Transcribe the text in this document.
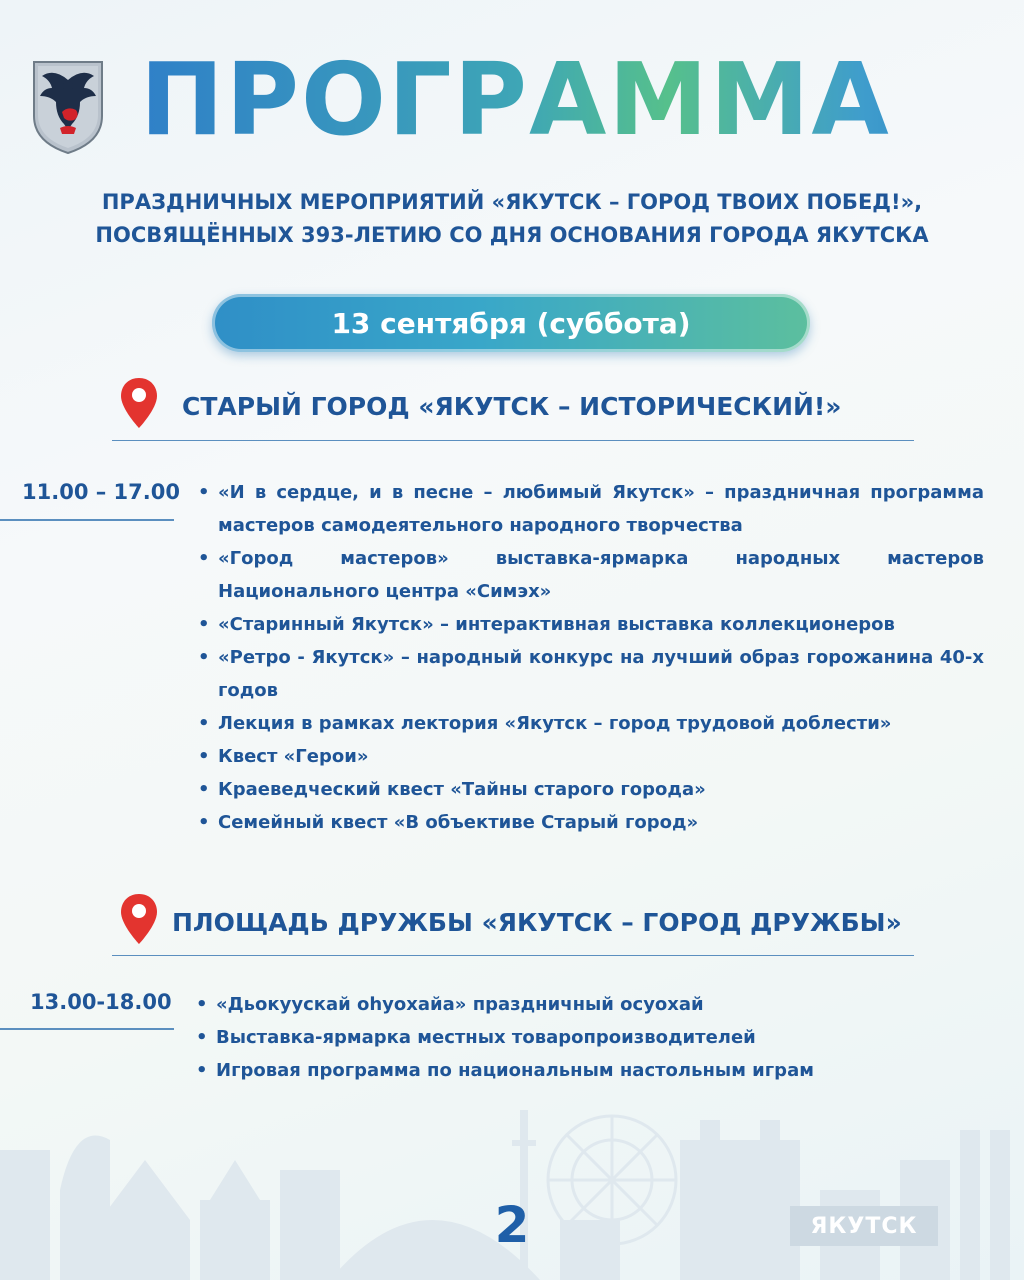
ПРОГРАММА
ПРАЗДНИЧНЫХ МЕРОПРИЯТИЙ «ЯКУТСК – ГОРОД ТВОИХ ПОБЕД!»,
ПОСВЯЩЁННЫХ 393-ЛЕТИЮ СО ДНЯ ОСНОВАНИЯ ГОРОДА ЯКУТСКА
13 сентября (суббота)
СТАРЫЙ ГОРОД «ЯКУТСК – ИСТОРИЧЕСКИЙ!»
11.00 – 17.00	• «И в сердце, и в песне – любимый Якутск» – праздничная программа мастеров самодеятельного народного творчества
• «Город мастеров» выставка-ярмарка народных мастеров Национального центра «Симэх»
• «Старинный Якутск» – интерактивная выставка коллекционеров
• «Ретро - Якутск» – народный конкурс на лучший образ горожанина 40-х годов
• Лекция в рамках лектория «Якутск – город трудовой доблести»
• Квест «Герои»
• Краеведческий квест «Тайны старого города»
• Семейный квест «В объективе Старый город»
ПЛОЩАДЬ ДРУЖБЫ «ЯКУТСК – ГОРОД ДРУЖБЫ»
13.00-18.00	• «Дьокуускай оһуохайа» праздничный осуохай
• Выставка-ярмарка местных товаропроизводителей
• Игровая программа по национальным настольным играм
ЯКУТСК
2
